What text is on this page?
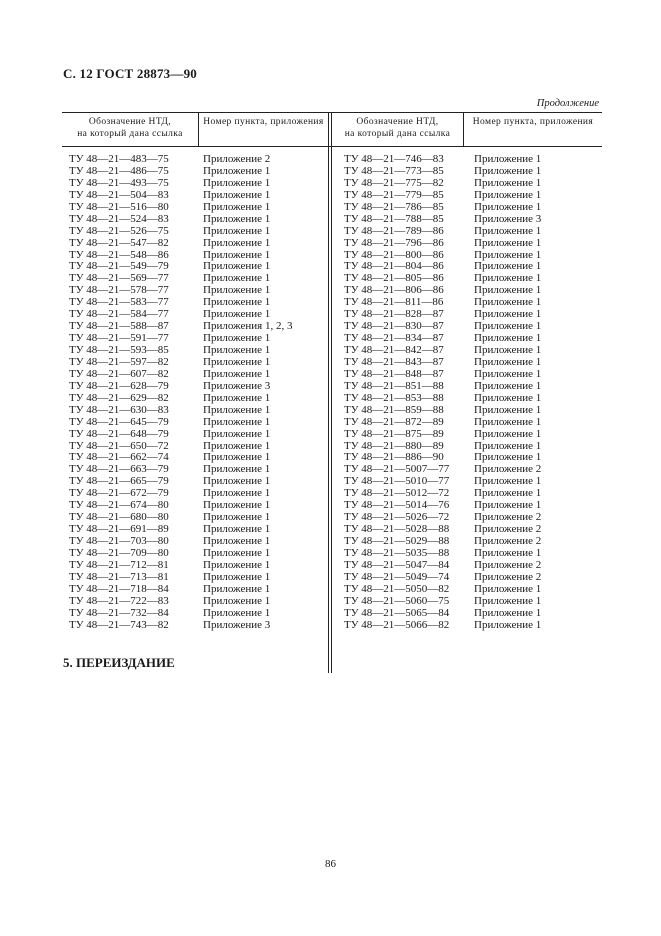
С. 12 ГОСТ 28873—90
Продолжение
Обозначение НТД,
на который дана ссылка
Номер пункта, приложения	Обозначение НТД,
на который дана ссылка
Номер пункта, приложения
ТУ 48—21—483—75
ТУ 48—21—486—75
ТУ 48—21—493—75
ТУ 48—21—504—83
ТУ 48—21—516—80
ТУ 48—21—524—83
ТУ 48—21—526—75
ТУ 48—21—547—82
ТУ 48—21—548—86
ТУ 48—21—549—79
ТУ 48—21—569—77
ТУ 48—21—578—77
ТУ 48—21—583—77
ТУ 48—21—584—77
ТУ 48—21—588—87
ТУ 48—21—591—77
ТУ 48—21—593—85
ТУ 48—21—597—82
ТУ 48—21—607—82
ТУ 48—21—628—79
ТУ 48—21—629—82
ТУ 48—21—630—83
ТУ 48—21—645—79
ТУ 48—21—648—79
ТУ 48—21—650—72
ТУ 48—21—662—74
ТУ 48—21—663—79
ТУ 48—21—665—79
ТУ 48—21—672—79
ТУ 48—21—674—80
ТУ 48—21—680—80
ТУ 48—21—691—89
ТУ 48—21—703—80
ТУ 48—21—709—80
ТУ 48—21—712—81
ТУ 48—21—713—81
ТУ 48—21—718—84
ТУ 48—21—722—83
ТУ 48—21—732—84
ТУ 48—21—743—82
Приложение 2
Приложение 1
Приложение 1
Приложение 1
Приложение 1
Приложение 1
Приложение 1
Приложение 1
Приложение 1
Приложение 1
Приложение 1
Приложение 1
Приложение 1
Приложение 1
Приложения 1, 2, 3
Приложение 1
Приложение 1
Приложение 1
Приложение 1
Приложение 3
Приложение 1
Приложение 1
Приложение 1
Приложение 1
Приложение 1
Приложение 1
Приложение 1
Приложение 1
Приложение 1
Приложение 1
Приложение 1
Приложение 1
Приложение 1
Приложение 1
Приложение 1
Приложение 1
Приложение 1
Приложение 1
Приложение 1
Приложение 3
ТУ 48—21—746—83
ТУ 48—21—773—85
ТУ 48—21—775—82
ТУ 48—21—779—85
ТУ 48—21—786—85
ТУ 48—21—788—85
ТУ 48—21—789—86
ТУ 48—21—796—86
ТУ 48—21—800—86
ТУ 48—21—804—86
ТУ 48—21—805—86
ТУ 48—21—806—86
ТУ 48—21—811—86
ТУ 48—21—828—87
ТУ 48—21—830—87
ТУ 48—21—834—87
ТУ 48—21—842—87
ТУ 48—21—843—87
ТУ 48—21—848—87
ТУ 48—21—851—88
ТУ 48—21—853—88
ТУ 48—21—859—88
ТУ 48—21—872—89
ТУ 48—21—875—89
ТУ 48—21—880—89
ТУ 48—21—886—90
ТУ 48—21—5007—77
ТУ 48—21—5010—77
ТУ 48—21—5012—72
ТУ 48—21—5014—76
ТУ 48—21—5026—72
ТУ 48—21—5028—88
ТУ 48—21—5029—88
ТУ 48—21—5035—88
ТУ 48—21—5047—84
ТУ 48—21—5049—74
ТУ 48—21—5050—82
ТУ 48—21—5060—75
ТУ 48—21—5065—84
ТУ 48—21—5066—82
Приложение 1
Приложение 1
Приложение 1
Приложение 1
Приложение 1
Приложение 3
Приложение 1
Приложение 1
Приложение 1
Приложение 1
Приложение 1
Приложение 1
Приложение 1
Приложение 1
Приложение 1
Приложение 1
Приложение 1
Приложение 1
Приложение 1
Приложение 1
Приложение 1
Приложение 1
Приложение 1
Приложение 1
Приложение 1
Приложение 1
Приложение 2
Приложение 1
Приложение 1
Приложение 1
Приложение 2
Приложение 2
Приложение 2
Приложение 1
Приложение 2
Приложение 2
Приложение 1
Приложение 1
Приложение 1
Приложение 1
5. ПЕРЕИЗДАНИЕ
86
